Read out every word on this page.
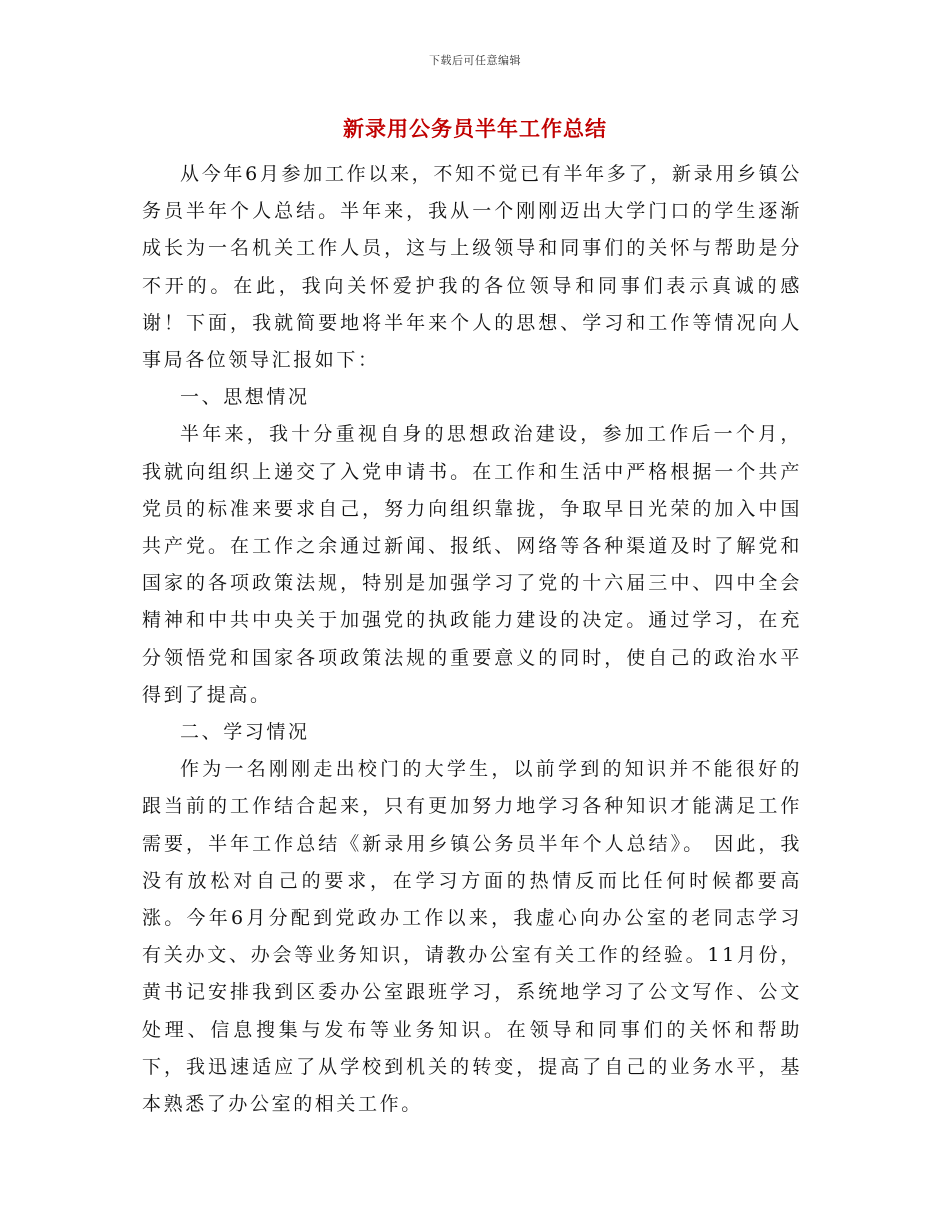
下载后可任意编辑
新录用公务员半年工作总结

从今年6月参加工作以来，不知不觉已有半年多了，新录用乡镇公务员半年个人总结。半年来，我从一个刚刚迈出大学门口的学生逐渐成长为一名机关工作人员，这与上级领导和同事们的关怀与帮助是分不开的。在此，我向关怀爱护我的各位领导和同事们表示真诚的感谢！下面，我就简要地将半年来个人的思想、学习和工作等情况向人事局各位领导汇报如下：

一、思想情况

半年来，我十分重视自身的思想政治建设，参加工作后一个月，我就向组织上递交了入党申请书。在工作和生活中严格根据一个共产党员的标准来要求自己，努力向组织靠拢，争取早日光荣的加入中国共产党。在工作之余通过新闻、报纸、网络等各种渠道及时了解党和国家的各项政策法规，特别是加强学习了党的十六届三中、四中全会精神和中共中央关于加强党的执政能力建设的决定。通过学习，在充分领悟党和国家各项政策法规的重要意义的同时，使自己的政治水平得到了提高。

二、学习情况

作为一名刚刚走出校门的大学生，以前学到的知识并不能很好的跟当前的工作结合起来，只有更加努力地学习各种知识才能满足工作需要，半年工作总结《新录用乡镇公务员半年个人总结》。 因此，我没有放松对自己的要求，在学习方面的热情反而比任何时候都要高涨。今年6月分配到党政办工作以来，我虚心向办公室的老同志学习有关办文、办会等业务知识，请教办公室有关工作的经验。11月份，黄书记安排我到区委办公室跟班学习，系统地学习了公文写作、公文处理、信息搜集与发布等业务知识。在领导和同事们的关怀和帮助下，我迅速适应了从学校到机关的转变，提高了自己的业务水平，基本熟悉了办公室的相关工作。
